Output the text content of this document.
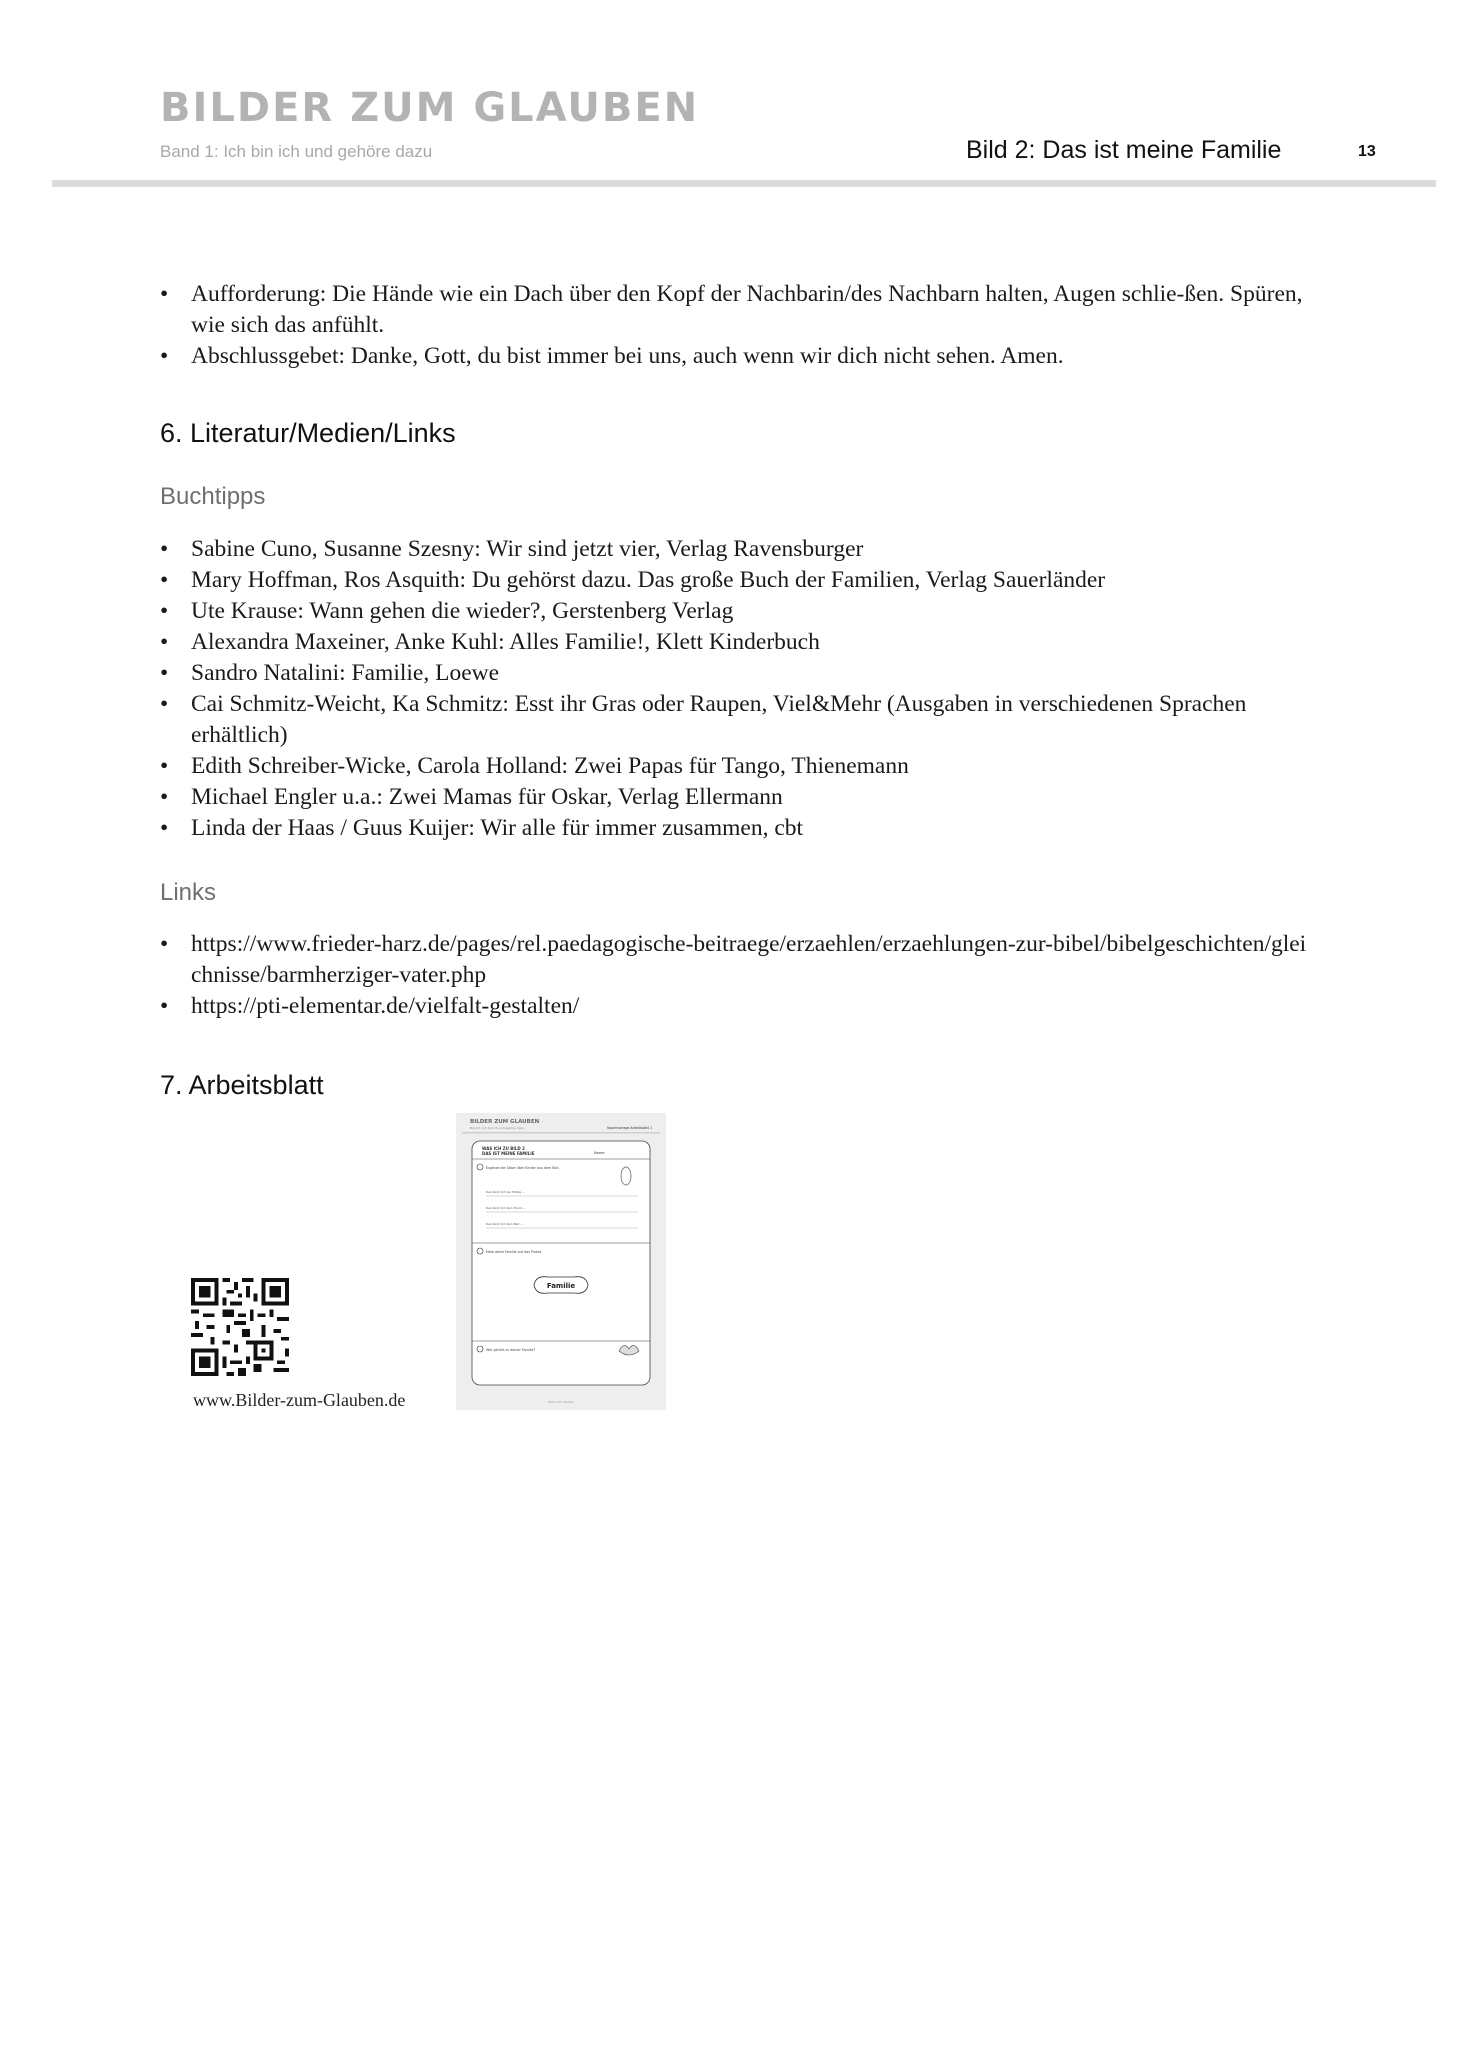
BILDER ZUM GLAUBEN
Band 1: Ich bin ich und gehöre dazu	Bild 2: Das ist meine Familie	13
• Aufforderung: Die Hände wie ein Dach über den Kopf der Nachbarin/des Nachbarn halten, Augen schlie-ßen. Spüren, wie sich das anfühlt.
• Abschlussgebet: Danke, Gott, du bist immer bei uns, auch wenn wir dich nicht sehen. Amen.
6. Literatur/Medien/Links
Buchtipps
• Sabine Cuno, Susanne Szesny: Wir sind jetzt vier, Verlag Ravensburger
• Mary Hoffman, Ros Asquith: Du gehörst dazu. Das große Buch der Familien, Verlag Sauerländer
• Ute Krause: Wann gehen die wieder?, Gerstenberg Verlag
• Alexandra Maxeiner, Anke Kuhl: Alles Familie!, Klett Kinderbuch
• Sandro Natalini: Familie, Loewe
• Cai Schmitz-Weicht, Ka Schmitz: Esst ihr Gras oder Raupen, Viel&Mehr (Ausgaben in verschiedenen Sprachen erhältlich)
• Edith Schreiber-Wicke, Carola Holland: Zwei Papas für Tango, Thienemann
• Michael Engler u.a.: Zwei Mamas für Oskar, Verlag Ellermann
• Linda der Haas / Guus Kuijer: Wir alle für immer zusammen, cbt
Links
• https://www.frieder-harz.de/pages/rel.paedagogische-beitraege/erzaehlen/erzaehlungen-zur-bibel/bibelgeschichten/gleichnisse/barmherziger-vater.php
• https://pti-elementar.de/vielfalt-gestalten/
7. Arbeitsblatt
www.Bilder-zum-Glauben.de
BILDER ZUM GLAUBEN
Band 1: Ich bin ich und gehöre dazu	Kopiervorlage Arbeitsblatt 1
WAS ICH ZU BILD 2
DAS IST MEINE FAMILIE	Name:
Ergänze die Sätze über Kinder aus dem Bild.
Das Kind mit der Mütze ...
Das Kind mit dem Hund ...
Das Kind mit dem Ball ...
Male deine Familie auf das Plakat.
Familie
Wer gehört zu deiner Familie?
Bilder zum Glauben
